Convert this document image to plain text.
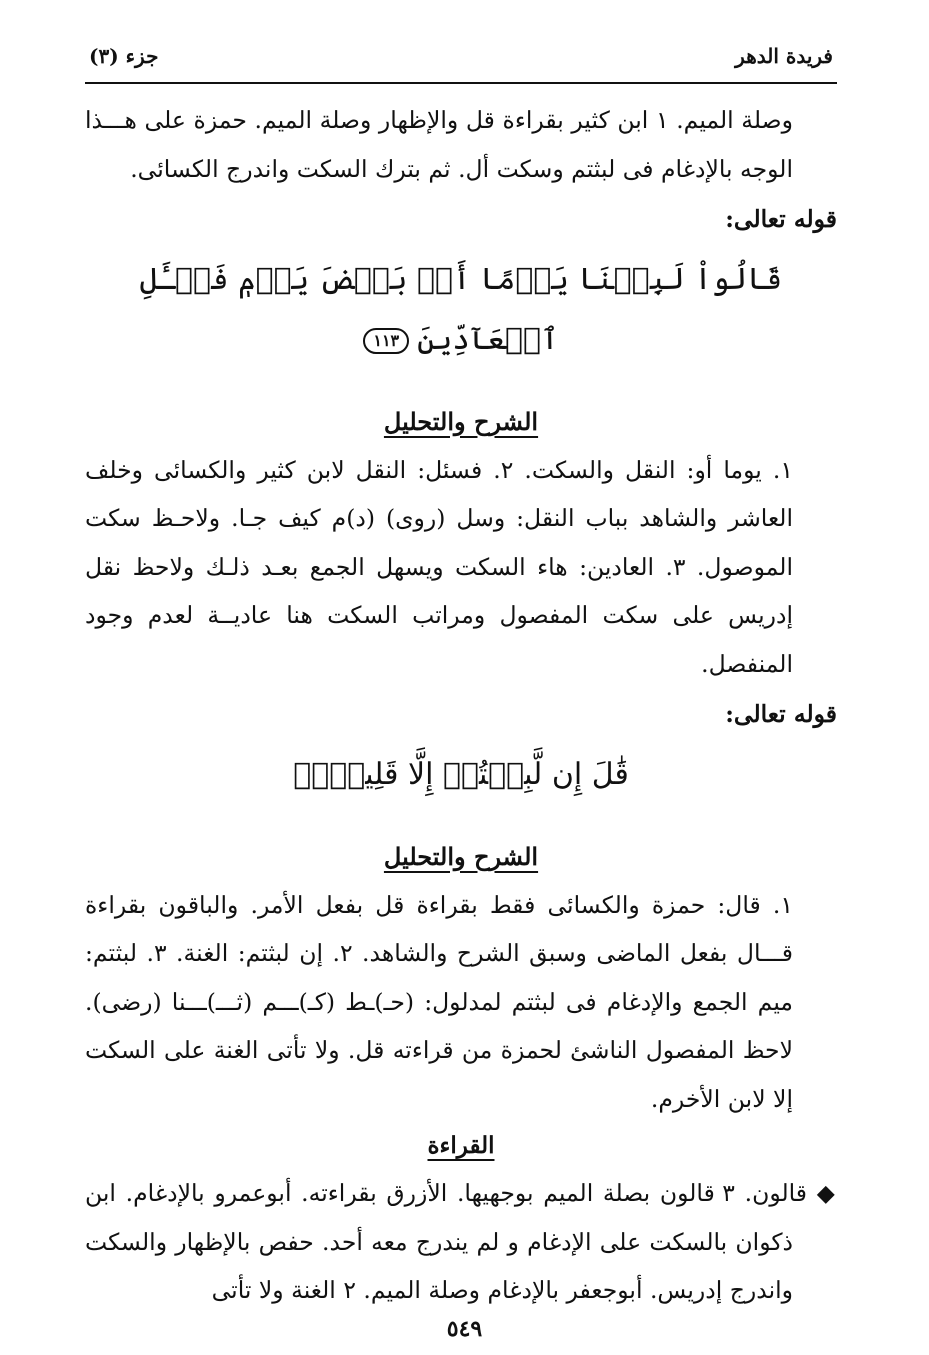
فريدة الدهر
جزء (٣)

وصلة الميم. ١ ابن كثير بقراءة قل والإظهار وصلة الميم. حمزة على هـــذا الوجه بالإدغام فى لبثتم وسكت أل. ثم بترك السكت واندرج الكسائى.

قوله تعالى:

قَالُواْ لَبِثۡنَا يَوۡمًا أَوۡ بَعۡضَ يَوۡمٖ فَسۡـَٔلِ ٱلۡعَآدِّينَ١١٣

الشرح والتحليل

١. يوما أو: النقل والسكت. ٢. فسئل: النقل لابن كثير والكسائى وخلف العاشر والشاهد بباب النقل: وسل (روى) (د)م كيف جـا. ولاحـظ سكت الموصول. ٣. العادين: هاء السكت ويسهل الجمع بعـد ذلـك ولاحظ نقل إدريس على سكت المفصول ومراتب السكت هنا عاديــة لعدم وجود المنفصل.

قوله تعالى:

قَٰلَ إِن لَّبِثۡتُمۡ إِلَّا قَلِيلٗاۖ

الشرح والتحليل

١. قال: حمزة والكسائى فقط بقراءة قل بفعل الأمر. والباقون بقراءة قـــال بفعل الماضى وسبق الشرح والشاهد. ٢. إن لبثتم: الغنة. ٣. لبثتم: ميم الجمع والإدغام فى لبثتم لمدلول: (حـ)ـط (كـ)ـــم (ثـــ)ـــنا (رضى). لاحظ المفصول الناشئ لحمزة من قراءته قل. ولا تأتى الغنة على السكت إلا لابن الأخرم.

القراءة

◆ قالون. ٣ قالون بصلة الميم بوجهيها. الأزرق بقراءته. أبوعمرو بالإدغام. ابن ذكوان بالسكت على الإدغام و لم يندرج معه أحد. حفص بالإظهار والسكت واندرج إدريس. أبوجعفر بالإدغام وصلة الميم. ٢ الغنة ولا تأتى

٥٤٩
